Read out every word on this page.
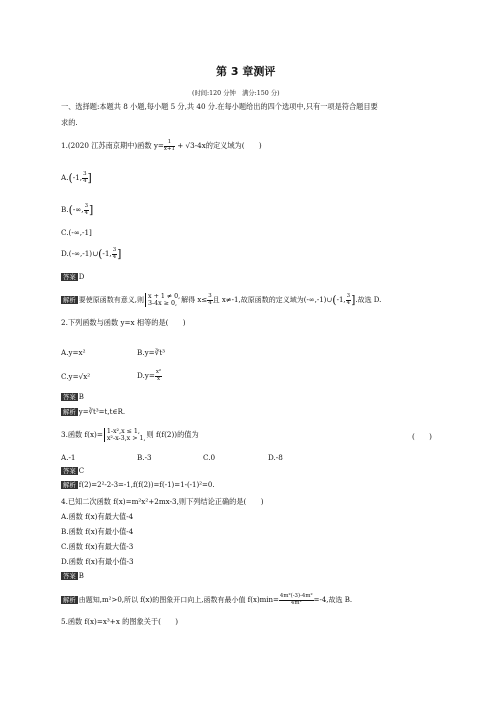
第 3 章测评
(时间:120 分钟　满分:150 分)
一、选择题:本题共 8 小题,每小题 5 分,共 40 分.在每小题给出的四个选项中,只有一项是符合题目要
求的.
1.(2020 江苏南京期中)函数 $y= \frac{1}{x+1} + √3-4x$的定义域为(　　)
A.(-1, $\frac{3}{4}$ ]
B.(-∞, $\frac{3}{4}$ ]
C.(-∞,-1]
D.(-∞,-1)∪(-1, $\frac{3}{4}$ ]
答案 D
解析 要使原函数有意义,则 x + 1 ≠ 0,
3-4x ≥ 0, 解得 $x\le \frac{3}{4}$ 且 x≠-1,故原函数的定义域为(-∞,-1)∪(-1, $\frac{3}{4}$ ].故选 D.
2.下列函数与函数 y=x 相等的是(　　)
A.y=x²	B.y=∛t³
C.y=√x²	$D.y= \frac{\text{x²}}{x}$
答案 B
解析 y=∛t³=t,t∈R.
3.函数 f(x)= 1-x²,x ≤ 1,
x²-x-3,x > 1, 则 f(f(2))的值为	(　　)
A.-1	B.-3	C.0	D.-8
答案 C
解析 f(2)=2²-2-3=-1,f(f(2))=f(-1)=1-(-1)²=0.
4.已知二次函数 f(x)=m²x²+2mx-3,则下列结论正确的是(　　)
A.函数 f(x)有最大值-4
B.函数 f(x)有最小值-4
C.函数 f(x)有最大值-3
D.函数 f(x)有最小值-3
答案 B
解析 由题知,m²>0,所以 f(x)的图象开口向上,函数有最小值 $f(x)\min= \frac{\text{4m²(-3)-4m²}}{\text{4m²}} =-4$,故选 B.
5.函数 f(x)=x³+x 的图象关于(　　)
